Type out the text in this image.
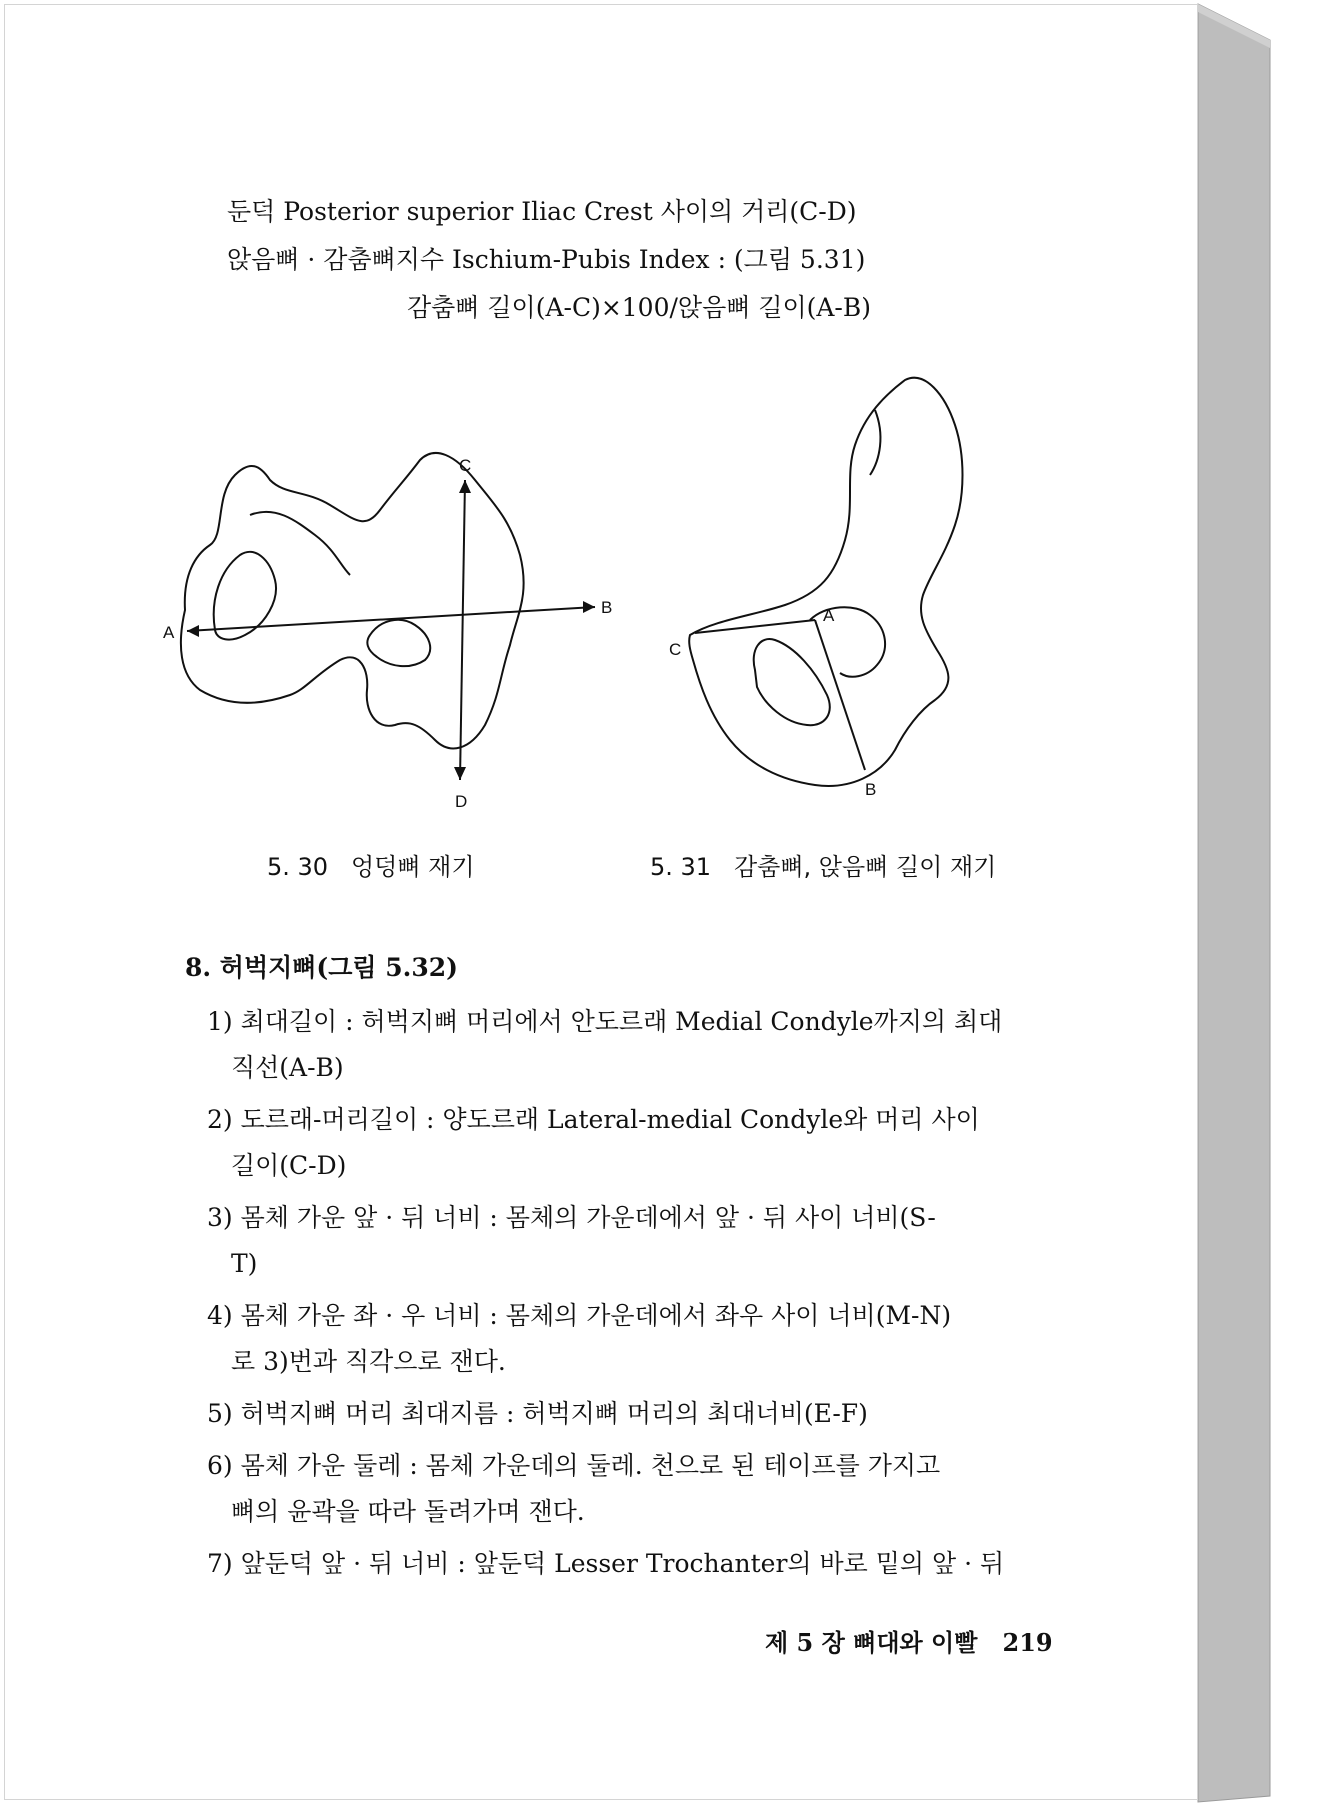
둔덕 Posterior superior Iliac Crest 사이의 거리(C-D)
앉음뼈 · 감춤뼈지수 Ischium-Pubis Index : (그림 5.31)
감춤뼈 길이(A-C)×100/앉음뼈 길이(A-B)
A
B
C
D
A
B
C
5. 30 엉덩뼈 재기	5. 31 감춤뼈, 앉음뼈 길이 재기
8. 허벅지뼈(그림 5.32)
1) 최대길이 : 허벅지뼈 머리에서 안도르래 Medial Condyle까지의 최대
직선(A-B)
2) 도르래-머리길이 : 양도르래 Lateral-medial Condyle와 머리 사이
길이(C-D)
3) 몸체 가운 앞 · 뒤 너비 : 몸체의 가운데에서 앞 · 뒤 사이 너비(S-
T)
4) 몸체 가운 좌 · 우 너비 : 몸체의 가운데에서 좌우 사이 너비(M-N)
로 3)번과 직각으로 잰다.
5) 허벅지뼈 머리 최대지름 : 허벅지뼈 머리의 최대너비(E-F)
6) 몸체 가운 둘레 : 몸체 가운데의 둘레. 천으로 된 테이프를 가지고
뼈의 윤곽을 따라 돌려가며 잰다.
7) 앞둔덕 앞 · 뒤 너비 : 앞둔덕 Lesser Trochanter의 바로 밑의 앞 · 뒤
제 5 장 뼈대와 이빨 219
